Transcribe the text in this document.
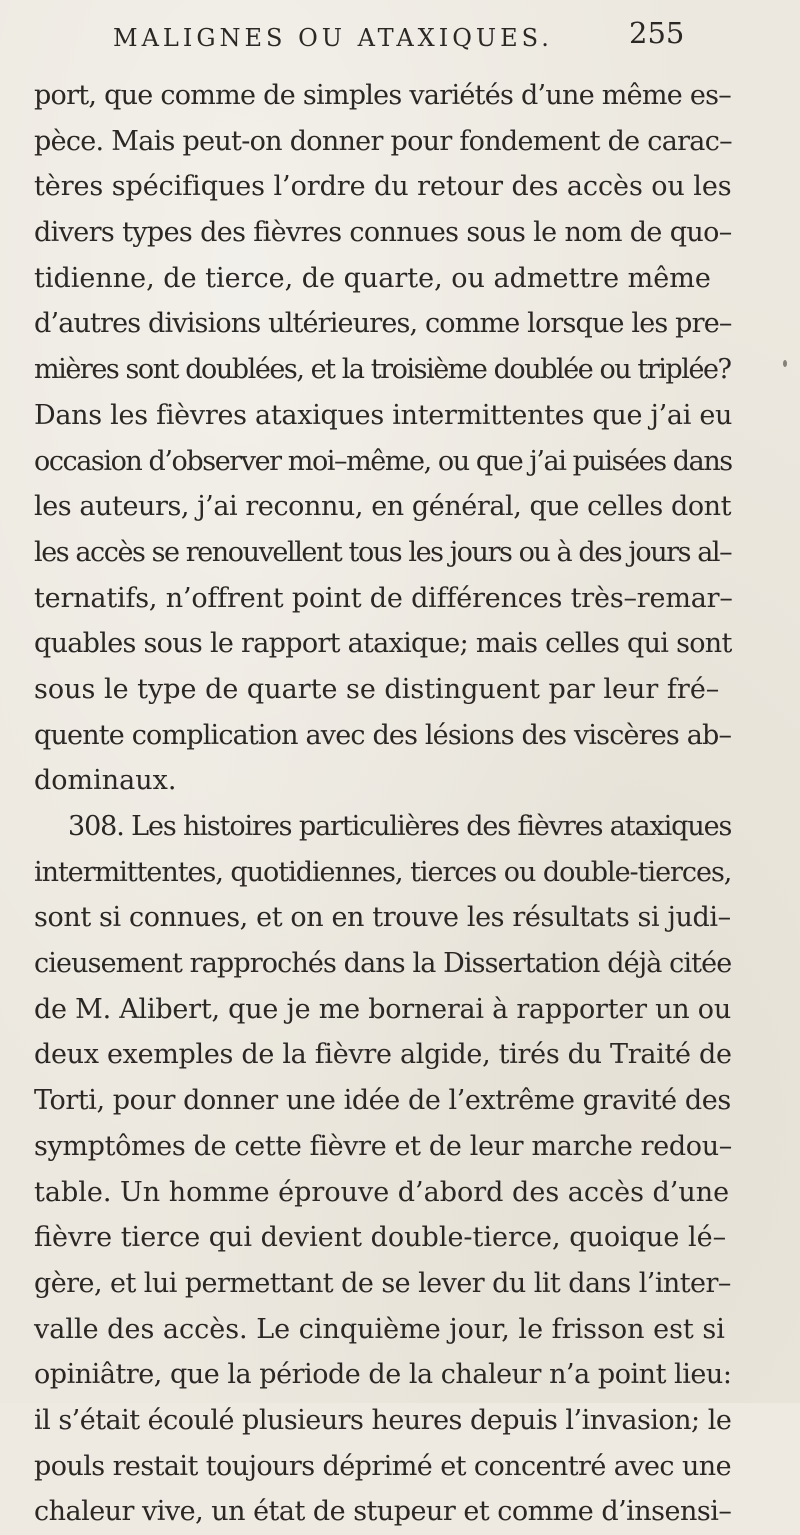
MALIGNES OU ATAXIQUES.	255
port, que comme de simples variétés d’une même es–
pèce. Mais peut-on donner pour fondement de carac–
tères spécifiques l’ordre du retour des accès ou les
divers types des fièvres connues sous le nom de quo–
tidienne, de tierce, de quarte, ou admettre même
d’autres divisions ultérieures, comme lorsque les pre–
mières sont doublées, et la troisième doublée ou triplée?
Dans les fièvres ataxiques intermittentes que j’ai eu
occasion d’observer moi–même, ou que j’ai puisées dans
les auteurs, j’ai reconnu, en général, que celles dont
les accès se renouvellent tous les jours ou à des jours al–
ternatifs, n’offrent point de différences très–remar–
quables sous le rapport ataxique; mais celles qui sont
sous le type de quarte se distinguent par leur fré–
quente complication avec des lésions des viscères ab–
dominaux.
308. Les histoires particulières des fièvres ataxiques
intermittentes, quotidiennes, tierces ou double-tierces,
sont si connues, et on en trouve les résultats si judi–
cieusement rapprochés dans la Dissertation déjà citée
de M. Alibert, que je me bornerai à rapporter un ou
deux exemples de la fièvre algide, tirés du Traité de
Torti, pour donner une idée de l’extrême gravité des
symptômes de cette fièvre et de leur marche redou–
table. Un homme éprouve d’abord des accès d’une
fièvre tierce qui devient double-tierce, quoique lé–
gère, et lui permettant de se lever du lit dans l’inter–
valle des accès. Le cinquième jour, le frisson est si
opiniâtre, que la période de la chaleur n’a point lieu:
il s’était écoulé plusieurs heures depuis l’invasion; le
pouls restait toujours déprimé et concentré avec une
chaleur vive, un état de stupeur et comme d’insensi–
